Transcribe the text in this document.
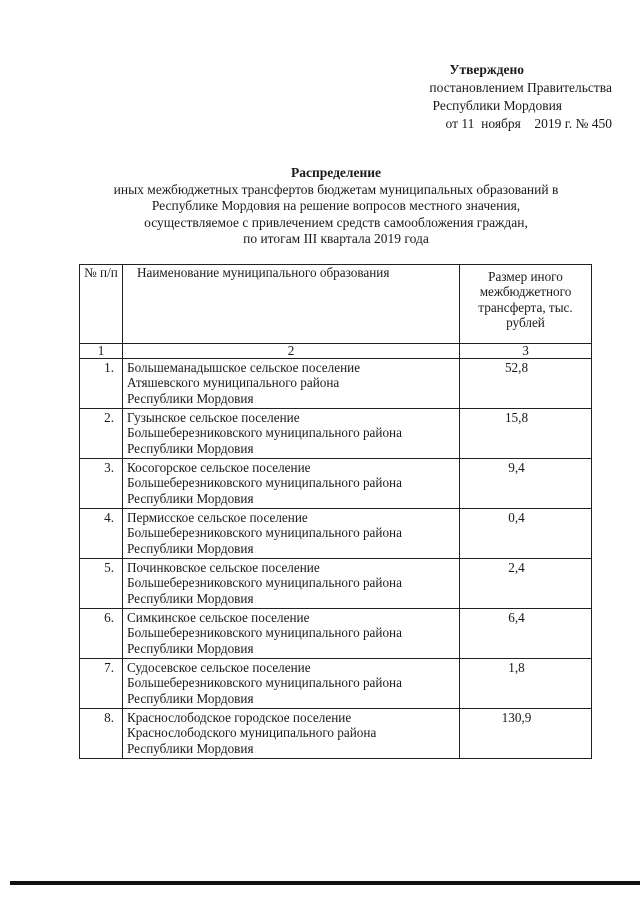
Утверждено
постановлением Правительства
Республики Мордовия
от 11  ноября    2019 г. № 450
Распределение
иных межбюджетных трансфертов бюджетам муниципальных образований в
Республике Мордовия на решение вопросов местного значения,
осуществляемое с привлечением средств самообложения граждан,
по итогам III квартала 2019 года
№ п/п	Наименование муниципального образования	Размер иного межбюджетного трансферта, тыс. рублей
1	2	3
1.	Большеманадышское сельское поселение
Атяшевского муниципального района
Республики Мордовия	52,8
2.	Гузынское сельское поселение
Большеберезниковского муниципального района
Республики Мордовия	15,8
3.	Косогорское сельское поселение
Большеберезниковского муниципального района
Республики Мордовия	9,4
4.	Пермисское сельское поселение
Большеберезниковского муниципального района
Республики Мордовия	0,4
5.	Починковское сельское поселение
Большеберезниковского муниципального района
Республики Мордовия	2,4
6.	Симкинское сельское поселение
Большеберезниковского муниципального района
Республики Мордовия	6,4
7.	Судосевское сельское поселение
Большеберезниковского муниципального района
Республики Мордовия	1,8
8.	Краснослободское городское поселение
Краснослободского муниципального района
Республики Мордовия	130,9
